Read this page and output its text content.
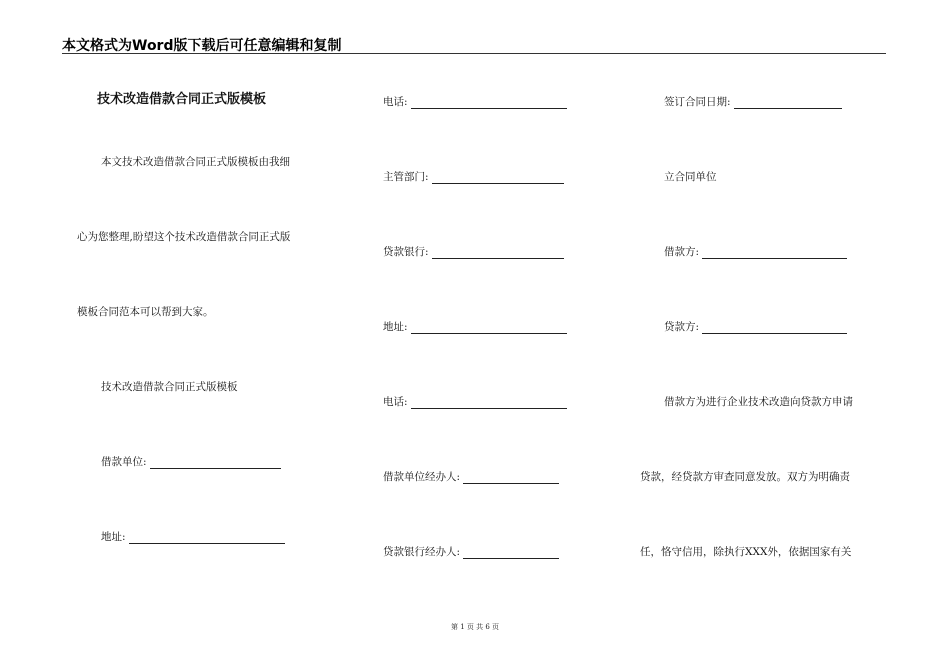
本文格式为Word版下载后可任意编辑和复制
技术改造借款合同正式版模板
本文技术改造借款合同正式版模板由我细
心为您整理,盼望这个技术改造借款合同正式版
模板合同范本可以帮到大家。
技术改造借款合同正式版模板
借款单位:
地址:
电话:
主管部门:
贷款银行:
地址:
电话:
借款单位经办人:
贷款银行经办人:
签订合同日期:
立合同单位
借款方:
贷款方:
借款方为进行企业技术改造向贷款方申请
贷款，经贷款方审查同意发放。双方为明确责
任，恪守信用，除执行XXX外，依据国家有关
第 1 页 共 6 页
